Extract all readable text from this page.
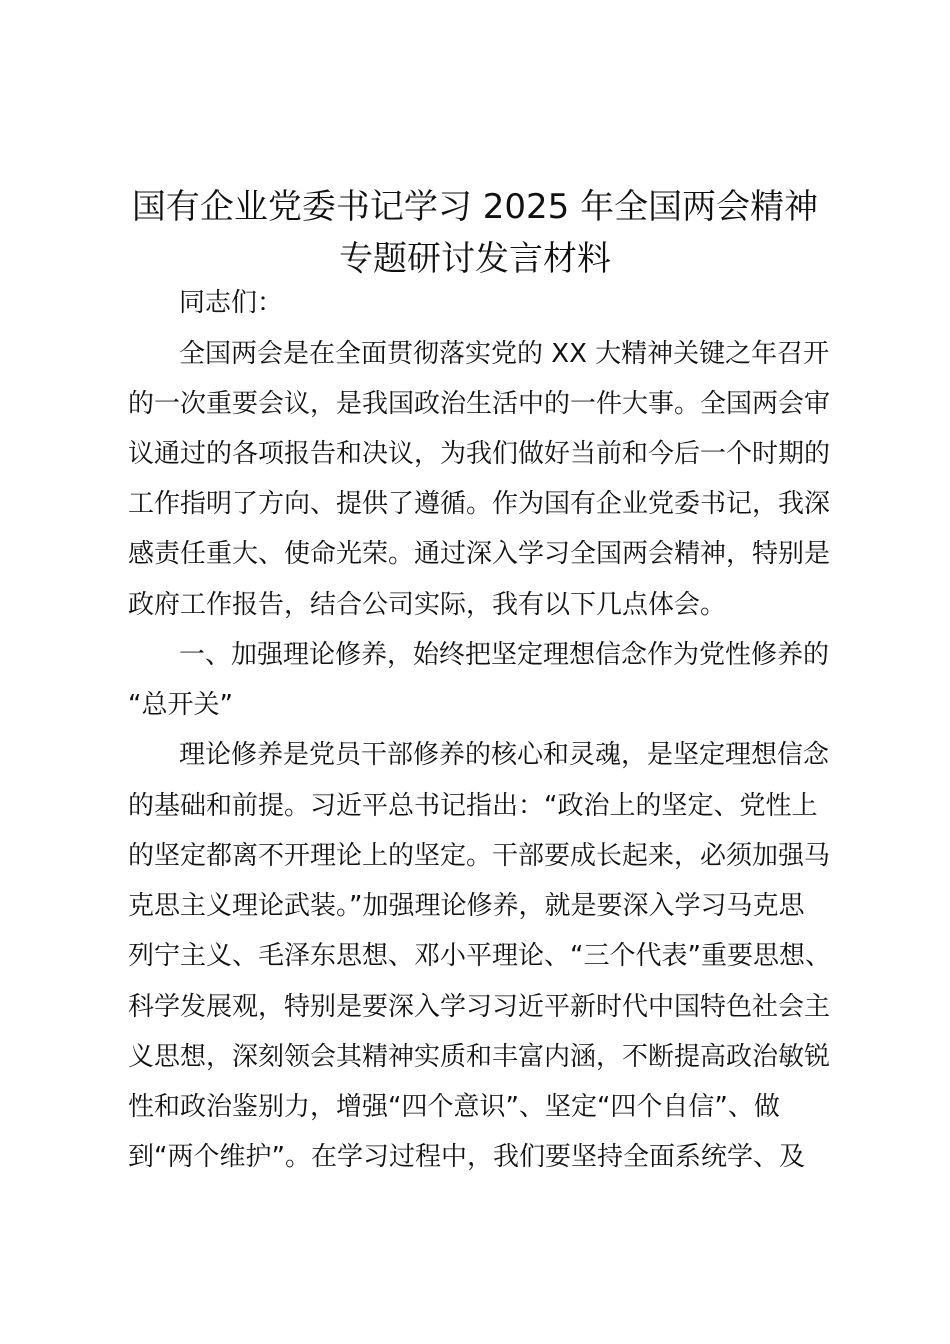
国有企业党委书记学习 2025 年全国两会精神
专题研讨发言材料
同志们：
全国两会是在全面贯彻落实党的 XX 大精神关键之年召开
的一次重要会议，是我国政治生活中的一件大事。全国两会审
议通过的各项报告和决议，为我们做好当前和今后一个时期的
工作指明了方向、提供了遵循。作为国有企业党委书记，我深
感责任重大、使命光荣。通过深入学习全国两会精神，特别是
政府工作报告，结合公司实际，我有以下几点体会。
一、加强理论修养，始终把坚定理想信念作为党性修养的
“总开关”
理论修养是党员干部修养的核心和灵魂，是坚定理想信念
的基础和前提。习近平总书记指出：“政治上的坚定、党性上
的坚定都离不开理论上的坚定。干部要成长起来，必须加强马
克思主义理论武装。”加强理论修养，就是要深入学习马克思
列宁主义、毛泽东思想、邓小平理论、“三个代表”重要思想、
科学发展观，特别是要深入学习习近平新时代中国特色社会主
义思想，深刻领会其精神实质和丰富内涵，不断提高政治敏锐
性和政治鉴别力，增强“四个意识”、坚定“四个自信”、做
到“两个维护”。在学习过程中，我们要坚持全面系统学、及
